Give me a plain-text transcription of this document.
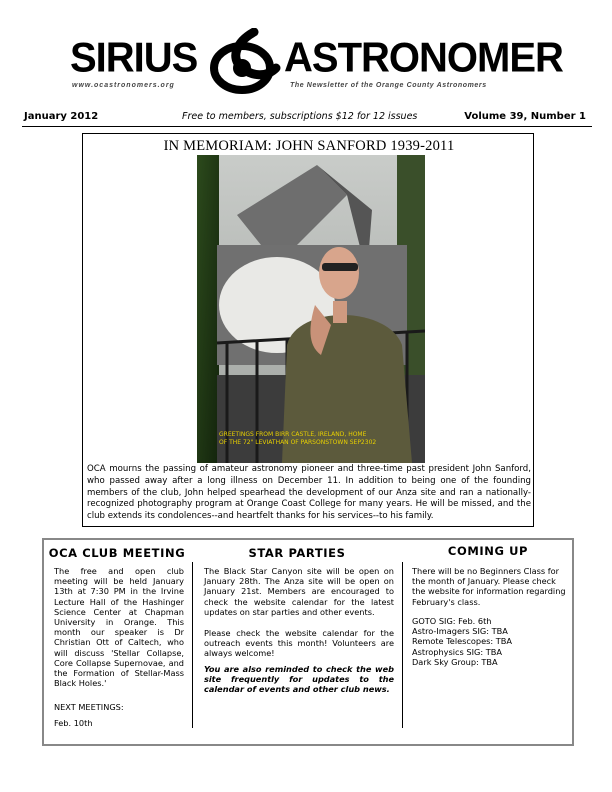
SIRIUS ASTRONOMER
www.ocastronomers.org	The Newsletter of the Orange County Astronomers
January 2012	Free to members, subscriptions $12 for 12 issues	Volume 39, Number 1
IN MEMORIAM: JOHN SANFORD 1939-2011
GREETINGS FROM BIRR CASTLE, IRELAND, HOME
OF THE 72" LEVIATHAN OF PARSONSTOWN SEP2302
OCA mourns the passing of amateur astronomy pioneer and three-time past president John Sanford, who passed away after a long illness on December 11. In addition to being one of the founding members of the club, John helped spearhead the development of our Anza site and ran a nationally-recognized photography program at Orange Coast College for many years. He will be missed, and the club extends its condolences--and heartfelt thanks for his services--to his family.
OCA CLUB MEETING
The free and open club meeting will be held January 13th at 7:30 PM in the Irvine Lecture Hall of the Hashinger Science Center at Chapman University in Orange. This month our speaker is Dr Christian Ott of Caltech, who will discuss 'Stellar Collapse, Core Collapse Supernovae, and the Formation of Stellar-Mass Black Holes.'
NEXT MEETINGS:
Feb. 10th
STAR PARTIES
The Black Star Canyon site will be open on January 28th. The Anza site will be open on January 21st. Members are encouraged to check the website calendar for the latest updates on star parties and other events.
Please check the website calendar for the outreach events this month! Volunteers are always welcome!
You are also reminded to check the web site frequently for updates to the calendar of events and other club news.
COMING UP
There will be no Beginners Class for the month of January. Please check the website for information regarding February's class.
GOTO SIG: Feb. 6th
Astro-Imagers SIG: TBA
Remote Telescopes: TBA
Astrophysics SIG: TBA
Dark Sky Group: TBA
